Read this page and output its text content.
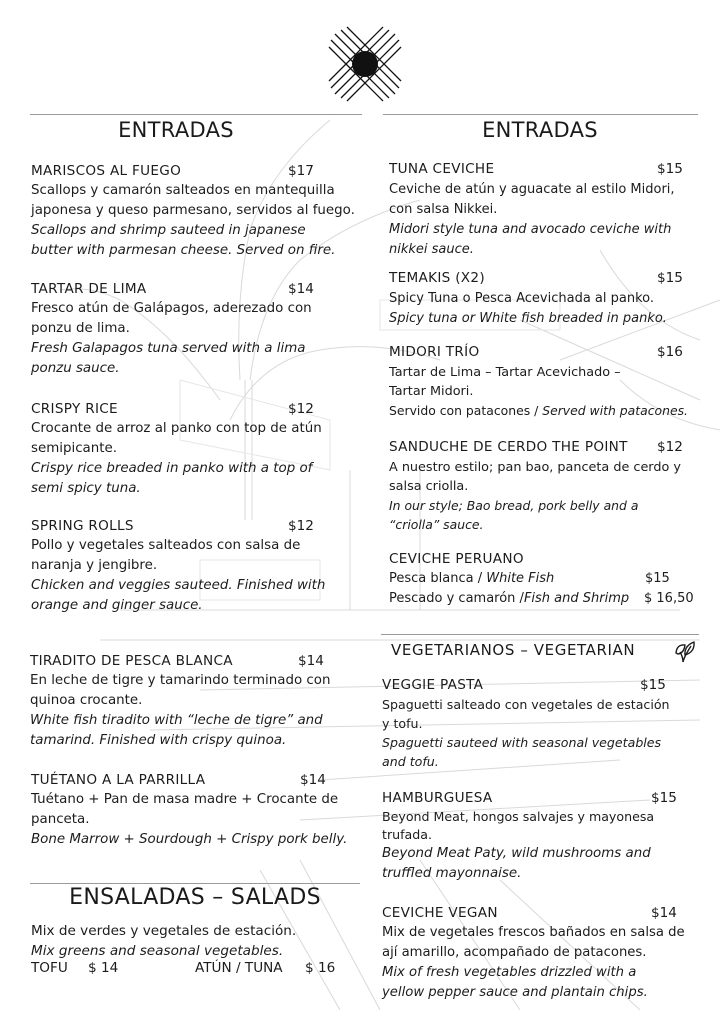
ENTRADAS
MARISCOS AL FUEGO	$17
Scallops y camarón salteados en mantequilla
japonesa y queso parmesano, servidos al fuego.
Scallops and shrimp sauteed in japanese
butter with parmesan cheese. Served on fire.
TARTAR DE LIMA	$14
Fresco atún de Galápagos, aderezado con
ponzu de lima.
Fresh Galapagos tuna served with a lima
ponzu sauce.
CRISPY RICE	$12
Crocante de arroz al panko con top de atún
semipicante.
Crispy rice breaded in panko with a top of
semi spicy tuna.
SPRING ROLLS	$12
Pollo y vegetales salteados con salsa de
naranja y jengibre.
Chicken and veggies sauteed. Finished with
orange and ginger sauce.
TIRADITO DE PESCA BLANCA	$14
En leche de tigre y tamarindo terminado con
quinoa crocante.
White fish tiradito with “leche de tigre” and
tamarind. Finished with crispy quinoa.
TUÉTANO A LA PARRILLA	$14
Tuétano + Pan de masa madre + Crocante de
panceta.
Bone Marrow + Sourdough + Crispy pork belly.
ENSALADAS – SALADS
Mix de verdes y vegetales de estación.
Mix greens and seasonal vegetables.
TOFU $ 14	ATÚN / TUNA $ 16
ENTRADAS
TUNA CEVICHE	$15
Ceviche de atún y aguacate al estilo Midori,
con salsa Nikkei.
Midori style tuna and avocado ceviche with
nikkei sauce.
TEMAKIS (X2)	$15
Spicy Tuna o Pesca Acevichada al panko.
Spicy tuna or White fish breaded in panko.
MIDORI TRÍO	$16
Tartar de Lima – Tartar Acevichado –
Tartar Midori.
Servido con patacones / Served with patacones.
SANDUCHE DE CERDO THE POINT $12
A nuestro estilo; pan bao, panceta de cerdo y
salsa criolla.
In our style; Bao bread, pork belly and a
“criolla” sauce.
CEVICHE PERUANO
Pesca blanca / White Fish	$15
Pescado y camarón /Fish and Shrimp $ 16,50
VEGETARIANOS – VEGETARIAN
VEGGIE PASTA	$15
Spaguetti salteado con vegetales de estación
y tofu.
Spaguetti sauteed with seasonal vegetables
and tofu.
HAMBURGUESA	$15
Beyond Meat, hongos salvajes y mayonesa
trufada.
Beyond Meat Paty, wild mushrooms and
truffled mayonnaise.
CEVICHE VEGAN	$14
Mix de vegetales frescos bañados en salsa de
ají amarillo, acompañado de patacones.
Mix of fresh vegetables drizzled with a
yellow pepper sauce and plantain chips.
